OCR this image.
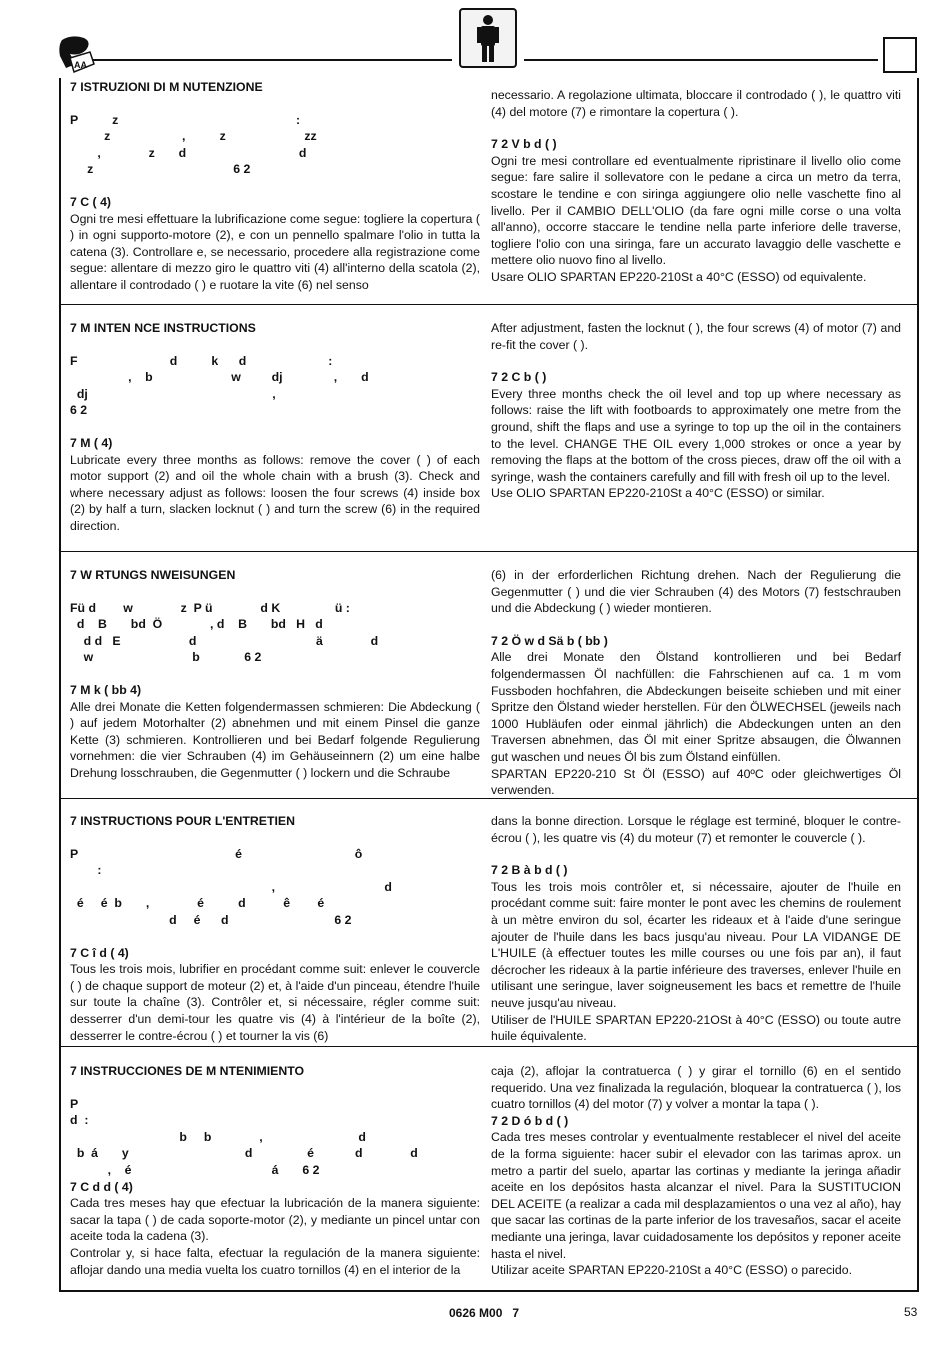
AA
7 ISTRUZIONI DI M NUTENZIONE
P          z                                                    :
z                     ,          z                       zz
,              z       d                                 d
z                                         6 2
7 C ( 4)

Ogni tre mesi effettuare la lubrificazione come segue: togliere la copertura ( ) in ogni supporto-motore (2), e con un pennello spalmare l'olio in tutta la catena (3). Controllare e, se necessario, procedere alla registrazione come segue: allentare di mezzo giro le quattro viti (4) all'interno della scatola (2), allentare il controdado ( ) e ruotare la vite (6) nel senso

necessario. A regolazione ultimata, bloccare il controdado ( ), le quattro viti (4) del motore (7) e rimontare la copertura ( ).

7 2 V b d ( )

Ogni tre mesi controllare ed eventualmente ripristinare il livello olio come segue: fare salire il sollevatore con le pedane a circa un metro da terra, scostare le tendine e con siringa aggiungere olio nelle vaschette fino al livello. Per il CAMBIO DELL'OLIO (da fare ogni mille corse o una volta all'anno), occorre staccare le tendine nella parte inferiore delle traverse, togliere l'olio con una siringa, fare un accurato lavaggio delle vaschette e mettere olio nuovo fino al livello.

Usare OLIO SPARTAN EP220-210St a 40°C (ESSO) od equivalente.

7 M INTEN NCE INSTRUCTIONS
F                           d          k      d                        :
,    b                       w         dj               ,       d
dj                                                      ,
6 2
7 M ( 4)

Lubricate every three months as follows: remove the cover ( ) of each motor support (2) and oil the whole chain with a brush (3). Check and where necessary adjust as follows: loosen the four screws (4) inside box (2) by half a turn, slacken locknut ( ) and turn the screw (6) in the required direction.

After adjustment, fasten the locknut ( ), the four screws (4) of motor (7) and re-fit the cover ( ).

7 2 C b ( )

Every three months check the oil level and top up where necessary as follows: raise the lift with footboards to approximately one metre from the ground, shift the flaps and use a syringe to top up the oil in the containers to the level. CHANGE THE OIL every 1,000 strokes or once a year by removing the flaps at the bottom of the cross pieces, draw off the oil with a syringe, wash the containers carefully and fill with fresh oil up to the level.

Use OLIO SPARTAN EP220-210St a 40°C (ESSO) or similar.

7 W RTUNGS NWEISUNGEN
Fü d        w              z  P ü              d K                ü :
d    B       bd  Ö              , d    B       bd   H   d
d d   E                    d                                   ä              d
w                             b             6 2
7 M k ( bb 4)

Alle drei Monate die Ketten folgendermassen schmieren: Die Abdeckung ( ) auf jedem Motorhalter (2) abnehmen und mit einem Pinsel die ganze Kette (3) schmieren. Kontrollieren und bei Bedarf folgende Regulierung vornehmen: die vier Schrauben (4) im Gehäuseinnern (2) um eine halbe Drehung losschrauben, die Gegenmutter ( ) lockern und die Schraube

(6) in der erforderlichen Richtung drehen. Nach der Regulierung die Gegenmutter ( ) und die vier Schrauben (4) des Motors (7) festschrauben und die Abdeckung ( ) wieder montieren.

7 2 Ö w d Sä b ( bb )

Alle drei Monate den Ölstand kontrollieren und bei Bedarf folgendermassen Öl nachfüllen: die Fahrschienen auf ca. 1 m vom Fussboden hochfahren, die Abdeckungen beiseite schieben und mit einer Spritze den Ölstand wieder herstellen. Für den ÖLWECHSEL (jeweils nach 1000 Hubläufen oder einmal jährlich) die Abdeckungen unten an den Traversen abnehmen, das Öl mit einer Spritze absaugen, die Ölwannen gut waschen und neues Öl bis zum Ölstand einfüllen.

SPARTAN EP220-210 St Öl (ESSO) auf 40ºC oder gleichwertiges Öl verwenden.

7 INSTRUCTIONS POUR L'ENTRETIEN
P                                              é                                 ô
:
,                                d
é     é  b       ,              é          d           ê        é
d     é      d                               6 2
7 C î d ( 4)

Tous les trois mois, lubrifier en procédant comme suit: enlever le couvercle ( ) de chaque support de moteur (2) et, à l'aide d'un pinceau, étendre l'huile sur toute la chaîne (3). Contrôler et, si nécessaire, régler comme suit: desserrer d'un demi-tour les quatre vis (4) à l'intérieur de la boîte (2), desserrer le contre-écrou ( ) et tourner la vis (6)

dans la bonne direction. Lorsque le réglage est terminé, bloquer le contre-écrou ( ), les quatre vis (4) du moteur (7) et remonter le couvercle ( ).

7 2 B à b d ( )

Tous les trois mois contrôler et, si nécessaire, ajouter de l'huile en procédant comme suit: faire monter le pont avec les chemins de roulement à un mètre environ du sol, écarter les rideaux et à l'aide d'une seringue ajouter de l'huile dans les bacs jusqu'au niveau. Pour LA VIDANGE DE L'HUILE (à effectuer toutes les mille courses ou une fois par an), il faut décrocher les rideaux à la partie inférieure des traverses, enlever l'huile en utilisant une seringue, laver soigneusement les bacs et remettre de l'huile neuve jusqu'au niveau.

Utiliser de l'HUILE SPARTAN EP220-21OSt à 40°C (ESSO) ou toute autre huile équivalente.

7 INSTRUCCIONES DE M NTENIMIENTO
P
d  :
b     b              ,                            d
b  á       y                                  d                é            d              d
,    é                                         á       6 2
7 C d d ( 4)

Cada tres meses hay que efectuar la lubricación de la manera siguiente: sacar la tapa ( ) de cada soporte-motor (2), y mediante un pincel untar con aceite toda la cadena (3).

Controlar y, si hace falta, efectuar la regulación de la manera siguiente: aflojar dando una media vuelta los cuatro tornillos (4) en el interior de la

caja (2), aflojar la contratuerca ( ) y girar el tornillo (6) en el sentido requerido. Una vez finalizada la regulación, bloquear la contratuerca ( ), los cuatro tornillos (4) del motor (7) y volver a montar la tapa ( ).

7 2 D ó b d ( )

Cada tres meses controlar y eventualmente restablecer el nivel del aceite de la forma siguiente: hacer subir el elevador con las tarimas aprox. un metro a partir del suelo, apartar las cortinas y mediante la jeringa añadir aceite en los depósitos hasta alcanzar el nivel. Para la SUSTITUCION DEL ACEITE (a realizar a cada mil desplazamientos o una vez al año), hay que sacar las cortinas de la parte inferior de los travesaños, sacar el aceite mediante una jeringa, lavar cuidadosamente los depósitos y reponer aceite hasta el nivel.

Utilizar aceite SPARTAN EP220-210St a 40°C (ESSO) o parecido.

0626 M00   7	53
